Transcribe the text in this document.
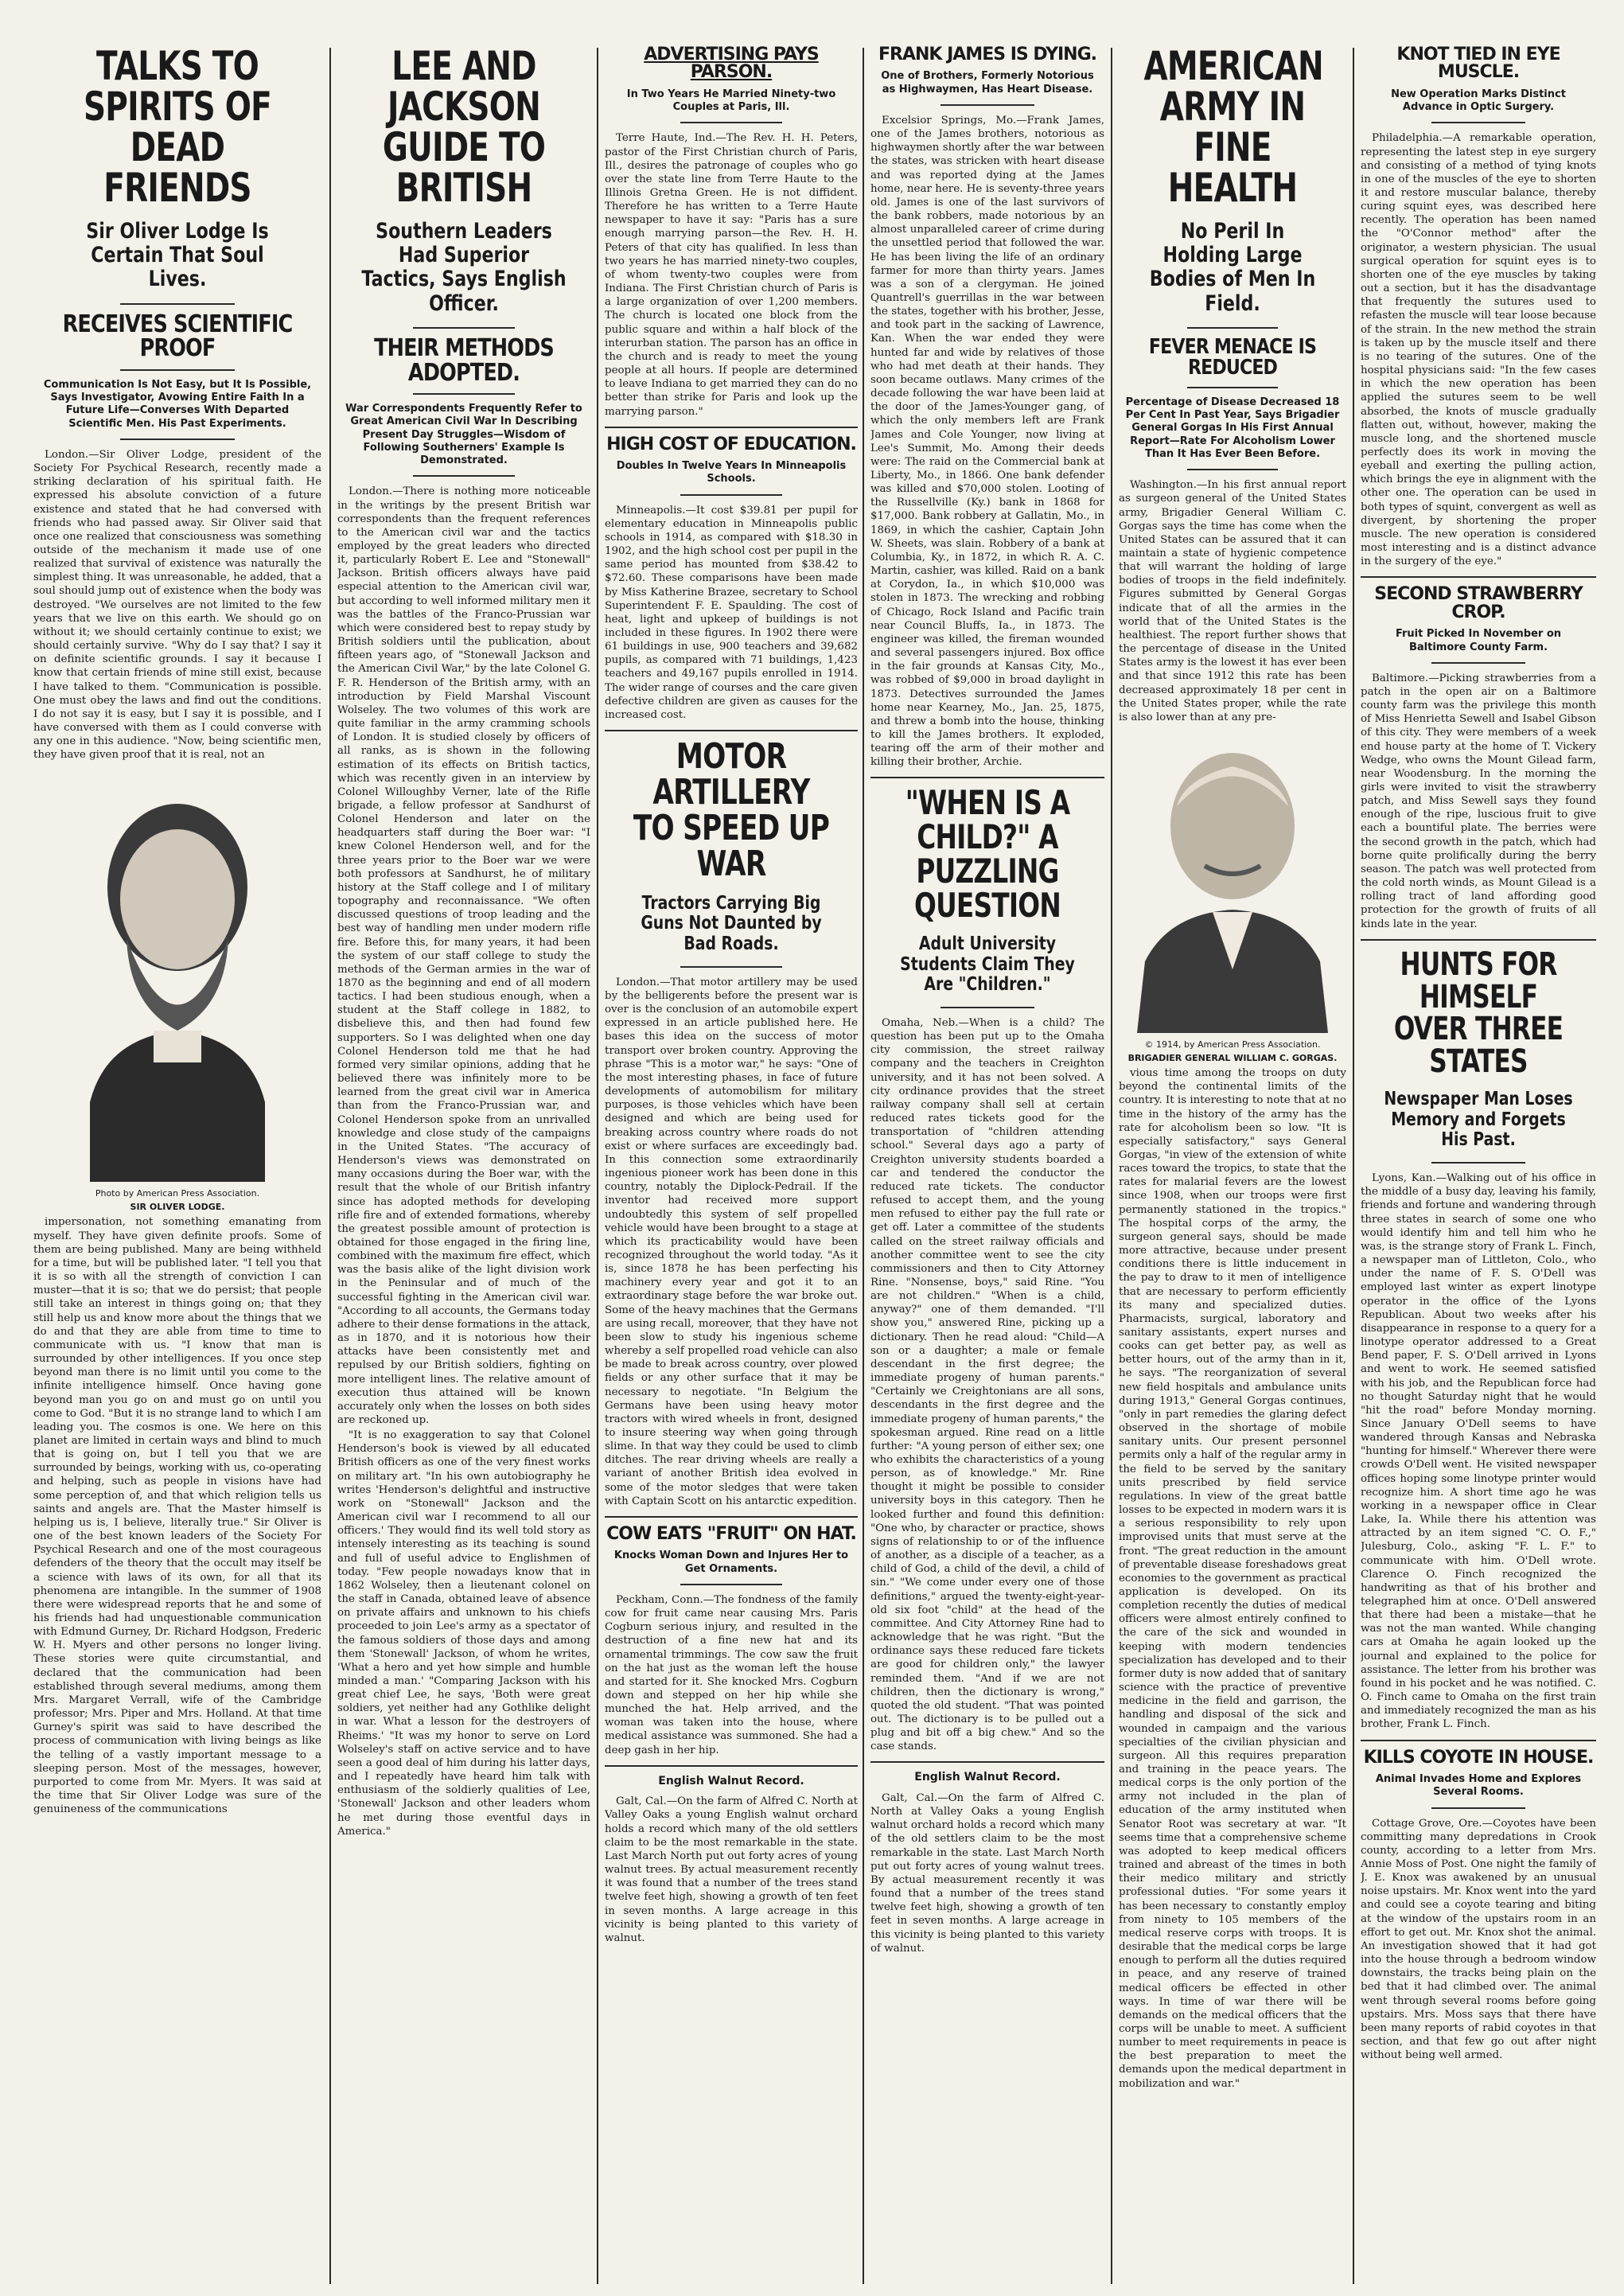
TALKS TO SPIRITS OF DEAD FRIENDS
Sir Oliver Lodge Is Certain That Soul Lives.
RECEIVES SCIENTIFIC PROOF
Communication Is Not Easy, but It Is Possible, Says Investigator, Avowing Entire Faith In a Future Life—Converses With Departed Scientific Men. His Past Experiments.

London.—Sir Oliver Lodge, president of the Society For Psychical Research, recently made a striking declaration of his spiritual faith. He expressed his absolute conviction of a future existence and stated that he had conversed with friends who had passed away. Sir Oliver said that once one realized that consciousness was something outside of the mechanism it made use of one realized that survival of existence was naturally the simplest thing. It was unreasonable, he added, that a soul should jump out of existence when the body was destroyed. "We ourselves are not limited to the few years that we live on this earth. We should go on without it; we should certainly continue to exist; we should certainly survive. "Why do I say that? I say it on definite scientific grounds. I say it because I know that certain friends of mine still exist, because I have talked to them. "Communication is possible. One must obey the laws and find out the conditions. I do not say it is easy, but I say it is possible, and I have conversed with them as I could converse with any one in this audience. "Now, being scientific men, they have given proof that it is real, not an

Photo by American Press Association.
SIR OLIVER LODGE.

impersonation, not something emanating from myself. They have given definite proofs. Some of them are being published. Many are being withheld for a time, but will be published later. "I tell you that it is so with all the strength of conviction I can muster—that it is so; that we do persist; that people still take an interest in things going on; that they still help us and know more about the things that we do and that they are able from time to time to communicate with us. "I know that man is surrounded by other intelligences. If you once step beyond man there is no limit until you come to the infinite intelligence himself. Once having gone beyond man you go on and must go on until you come to God. "But it is no strange land to which I am leading you. The cosmos is one. We here on this planet are limited in certain ways and blind to much that is going on, but I tell you that we are surrounded by beings, working with us, co-operating and helping, such as people in visions have had some perception of, and that which religion tells us saints and angels are. That the Master himself is helping us is, I believe, literally true." Sir Oliver is one of the best known leaders of the Society For Psychical Research and one of the most courageous defenders of the theory that the occult may itself be a science with laws of its own, for all that its phenomena are intangible. In the summer of 1908 there were widespread reports that he and some of his friends had had unquestionable communication with Edmund Gurney, Dr. Richard Hodgson, Frederic W. H. Myers and other persons no longer living. These stories were quite circumstantial, and declared that the communication had been established through several mediums, among them Mrs. Margaret Verrall, wife of the Cambridge professor; Mrs. Piper and Mrs. Holland. At that time Gurney's spirit was said to have described the process of communication with living beings as like the telling of a vastly important message to a sleeping person. Most of the messages, however, purported to come from Mr. Myers. It was said at the time that Sir Oliver Lodge was sure of the genuineness of the communications

LEE AND JACKSON GUIDE TO BRITISH
Southern Leaders Had Superior Tactics, Says English Officer.
THEIR METHODS ADOPTED.
War Correspondents Frequently Refer to Great American Civil War In Describing Present Day Struggles—Wisdom of Following Southerners' Example Is Demonstrated.

London.—There is nothing more noticeable in the writings by the present British war correspondents than the frequent references to the American civil war and the tactics employed by the great leaders who directed it, particularly Robert E. Lee and "Stonewall" Jackson. British officers always have paid especial attention to the American civil war, but according to well informed military men it was the battles of the Franco-Prussian war which were considered best to repay study by British soldiers until the publication, about fifteen years ago, of "Stonewall Jackson and the American Civil War," by the late Colonel G. F. R. Henderson of the British army, with an introduction by Field Marshal Viscount Wolseley. The two volumes of this work are quite familiar in the army cramming schools of London. It is studied closely by officers of all ranks, as is shown in the following estimation of its effects on British tactics, which was recently given in an interview by Colonel Willoughby Verner, late of the Rifle brigade, a fellow professor at Sandhurst of Colonel Henderson and later on the headquarters staff during the Boer war: "I knew Colonel Henderson well, and for the three years prior to the Boer war we were both professors at Sandhurst, he of military history at the Staff college and I of military topography and reconnaissance. "We often discussed questions of troop leading and the best way of handling men under modern rifle fire. Before this, for many years, it had been the system of our staff college to study the methods of the German armies in the war of 1870 as the beginning and end of all modern tactics. I had been studious enough, when a student at the Staff college in 1882, to disbelieve this, and then had found few supporters. So I was delighted when one day Colonel Henderson told me that he had formed very similar opinions, adding that he believed there was infinitely more to be learned from the great civil war in America than from the Franco-Prussian war, and Colonel Henderson spoke from an unrivalled knowledge and close study of the campaigns in the United States. "The accuracy of Henderson's views was demonstrated on many occasions during the Boer war, with the result that the whole of our British infantry since has adopted methods for developing rifle fire and of extended formations, whereby the greatest possible amount of protection is obtained for those engaged in the firing line, combined with the maximum fire effect, which was the basis alike of the light division work in the Peninsular and of much of the successful fighting in the American civil war. "According to all accounts, the Germans today adhere to their dense formations in the attack, as in 1870, and it is notorious how their attacks have been consistently met and repulsed by our British soldiers, fighting on more intelligent lines. The relative amount of execution thus attained will be known accurately only when the losses on both sides are reckoned up.

"It is no exaggeration to say that Colonel Henderson's book is viewed by all educated British officers as one of the very finest works on military art. "In his own autobiography he writes 'Henderson's delightful and instructive work on "Stonewall" Jackson and the American civil war I recommend to all our officers.' They would find its well told story as intensely interesting as its teaching is sound and full of useful advice to Englishmen of today. "Few people nowadays know that in 1862 Wolseley, then a lieutenant colonel on the staff in Canada, obtained leave of absence on private affairs and unknown to his chiefs proceeded to join Lee's army as a spectator of the famous soldiers of those days and among them 'Stonewall' Jackson, of whom he writes, 'What a hero and yet how simple and humble minded a man.' "Comparing Jackson with his great chief Lee, he says, 'Both were great soldiers, yet neither had any Gothlike delight in war. What a lesson for the destroyers of Rheims.' "It was my honor to serve on Lord Wolseley's staff on active service and to have seen a good deal of him during his latter days, and I repeatedly have heard him talk with enthusiasm of the soldierly qualities of Lee, 'Stonewall' Jackson and other leaders whom he met during those eventful days in America."

ADVERTISING PAYS PARSON.
In Two Years He Married Ninety-two Couples at Paris, Ill.

Terre Haute, Ind.—The Rev. H. H. Peters, pastor of the First Christian church of Paris, Ill., desires the patronage of couples who go over the state line from Terre Haute to the Illinois Gretna Green. He is not diffident. Therefore he has written to a Terre Haute newspaper to have it say: "Paris has a sure enough marrying parson—the Rev. H. H. Peters of that city has qualified. In less than two years he has married ninety-two couples, of whom twenty-two couples were from Indiana. The First Christian church of Paris is a large organization of over 1,200 members. The church is located one block from the public square and within a half block of the interurban station. The parson has an office in the church and is ready to meet the young people at all hours. If people are determined to leave Indiana to get married they can do no better than strike for Paris and look up the marrying parson."

HIGH COST OF EDUCATION.
Doubles In Twelve Years In Minneapolis Schools.

Minneapolis.—It cost $39.81 per pupil for elementary education in Minneapolis public schools in 1914, as compared with $18.30 in 1902, and the high school cost per pupil in the same period has mounted from $38.42 to $72.60. These comparisons have been made by Miss Katherine Brazee, secretary to School Superintendent F. E. Spaulding. The cost of heat, light and upkeep of buildings is not included in these figures. In 1902 there were 61 buildings in use, 900 teachers and 39,682 pupils, as compared with 71 buildings, 1,423 teachers and 49,167 pupils enrolled in 1914. The wider range of courses and the care given defective children are given as causes for the increased cost.

MOTOR ARTILLERY TO SPEED UP WAR
Tractors Carrying Big Guns Not Daunted by Bad Roads.

London.—That motor artillery may be used by the belligerents before the present war is over is the conclusion of an automobile expert expressed in an article published here. He bases this idea on the success of motor transport over broken country. Approving the phrase "This is a motor war," he says: "One of the most interesting phases, in face of future developments of automobilism for military purposes, is those vehicles which have been designed and which are being used for breaking across country where roads do not exist or where surfaces are exceedingly bad. In this connection some extraordinarily ingenious pioneer work has been done in this country, notably the Diplock-Pedrail. If the inventor had received more support undoubtedly this system of self propelled vehicle would have been brought to a stage at which its practicability would have been recognized throughout the world today. "As it is, since 1878 he has been perfecting his machinery every year and got it to an extraordinary stage before the war broke out. Some of the heavy machines that the Germans are using recall, moreover, that they have not been slow to study his ingenious scheme whereby a self propelled road vehicle can also be made to break across country, over plowed fields or any other surface that it may be necessary to negotiate. "In Belgium the Germans have been using heavy motor tractors with wired wheels in front, designed to insure steering way when going through slime. In that way they could be used to climb ditches. The rear driving wheels are really a variant of another British idea evolved in some of the motor sledges that were taken with Captain Scott on his antarctic expedition.

COW EATS "FRUIT" ON HAT.
Knocks Woman Down and Injures Her to Get Ornaments.

Peckham, Conn.—The fondness of the family cow for fruit came near causing Mrs. Paris Cogburn serious injury, and resulted in the destruction of a fine new hat and its ornamental trimmings. The cow saw the fruit on the hat just as the woman left the house and started for it. She knocked Mrs. Cogburn down and stepped on her hip while she munched the hat. Help arrived, and the woman was taken into the house, where medical assistance was summoned. She had a deep gash in her hip.

English Walnut Record.

Galt, Cal.—On the farm of Alfred C. North at Valley Oaks a young English walnut orchard holds a record which many of the old settlers claim to be the most remarkable in the state. Last March North put out forty acres of young walnut trees. By actual measurement recently it was found that a number of the trees stand twelve feet high, showing a growth of ten feet in seven months. A large acreage in this vicinity is being planted to this variety of walnut.

FRANK JAMES IS DYING.
One of Brothers, Formerly Notorious as Highwaymen, Has Heart Disease.

Excelsior Springs, Mo.—Frank James, one of the James brothers, notorious as highwaymen shortly after the war between the states, was stricken with heart disease and was reported dying at the James home, near here. He is seventy-three years old. James is one of the last survivors of the bank robbers, made notorious by an almost unparalleled career of crime during the unsettled period that followed the war. He has been living the life of an ordinary farmer for more than thirty years. James was a son of a clergyman. He joined Quantrell's guerrillas in the war between the states, together with his brother, Jesse, and took part in the sacking of Lawrence, Kan. When the war ended they were hunted far and wide by relatives of those who had met death at their hands. They soon became outlaws. Many crimes of the decade following the war have been laid at the door of the James-Younger gang, of which the only members left are Frank James and Cole Younger, now living at Lee's Summit, Mo. Among their deeds were: The raid on the Commercial bank at Liberty, Mo., in 1866. One bank defender was killed and $70,000 stolen. Looting of the Russellville (Ky.) bank in 1868 for $17,000. Bank robbery at Gallatin, Mo., in 1869, in which the cashier, Captain John W. Sheets, was slain. Robbery of a bank at Columbia, Ky., in 1872, in which R. A. C. Martin, cashier, was killed. Raid on a bank at Corydon, Ia., in which $10,000 was stolen in 1873. The wrecking and robbing of Chicago, Rock Island and Pacific train near Council Bluffs, Ia., in 1873. The engineer was killed, the fireman wounded and several passengers injured. Box office in the fair grounds at Kansas City, Mo., was robbed of $9,000 in broad daylight in 1873. Detectives surrounded the James home near Kearney, Mo., Jan. 25, 1875, and threw a bomb into the house, thinking to kill the James brothers. It exploded, tearing off the arm of their mother and killing their brother, Archie.

"WHEN IS A CHILD?" A PUZZLING QUESTION
Adult University Students Claim They Are "Children."

Omaha, Neb.—When is a child? The question has been put up to the Omaha city commission, the street railway company and the teachers in Creighton university, and it has not been solved. A city ordinance provides that the street railway company shall sell at certain reduced rates tickets good for the transportation of "children attending school." Several days ago a party of Creighton university students boarded a car and tendered the conductor the reduced rate tickets. The conductor refused to accept them, and the young men refused to either pay the full rate or get off. Later a committee of the students called on the street railway officials and another committee went to see the city commissioners and then to City Attorney Rine. "Nonsense, boys," said Rine. "You are not children." "When is a child, anyway?" one of them demanded. "I'll show you," answered Rine, picking up a dictionary. Then he read aloud: "Child—A son or a daughter; a male or female descendant in the first degree; the immediate progeny of human parents." "Certainly we Creightonians are all sons, descendants in the first degree and the immediate progeny of human parents," the spokesman argued. Rine read on a little further: "A young person of either sex; one who exhibits the characteristics of a young person, as of knowledge." Mr. Rine thought it might be possible to consider university boys in this category. Then he looked further and found this definition: "One who, by character or practice, shows signs of relationship to or of the influence of another, as a disciple of a teacher, as a child of God, a child of the devil, a child of sin." "We come under every one of those definitions," argued the twenty-eight-year-old six foot "child" at the head of the committee. And City Attorney Rine had to acknowledge that he was right. "But the ordinance says these reduced fare tickets are good for children only," the lawyer reminded them. "And if we are not children, then the dictionary is wrong," quoted the old student. "That was pointed out. The dictionary is to be pulled out a plug and bit off a big chew." And so the case stands.

English Walnut Record.

Galt, Cal.—On the farm of Alfred C. North at Valley Oaks a young English walnut orchard holds a record which many of the old settlers claim to be the most remarkable in the state. Last March North put out forty acres of young walnut trees. By actual measurement recently it was found that a number of the trees stand twelve feet high, showing a growth of ten feet in seven months. A large acreage in this vicinity is being planted to this variety of walnut.

AMERICAN ARMY IN FINE HEALTH
No Peril In Holding Large Bodies of Men In Field.
FEVER MENACE IS REDUCED
Percentage of Disease Decreased 18 Per Cent In Past Year, Says Brigadier General Gorgas In His First Annual Report—Rate For Alcoholism Lower Than It Has Ever Been Before.

Washington.—In his first annual report as surgeon general of the United States army, Brigadier General William C. Gorgas says the time has come when the United States can be assured that it can maintain a state of hygienic competence that will warrant the holding of large bodies of troops in the field indefinitely. Figures submitted by General Gorgas indicate that of all the armies in the world that of the United States is the healthiest. The report further shows that the percentage of disease in the United States army is the lowest it has ever been and that since 1912 this rate has been decreased approximately 18 per cent in the United States proper, while the rate is also lower than at any pre-

© 1914, by American Press Association.
BRIGADIER GENERAL WILLIAM C. GORGAS.

vious time among the troops on duty beyond the continental limits of the country. It is interesting to note that at no time in the history of the army has the rate for alcoholism been so low. "It is especially satisfactory," says General Gorgas, "in view of the extension of white races toward the tropics, to state that the rates for malarial fevers are the lowest since 1908, when our troops were first permanently stationed in the tropics." The hospital corps of the army, the surgeon general says, should be made more attractive, because under present conditions there is little inducement in the pay to draw to it men of intelligence that are necessary to perform efficiently its many and specialized duties. Pharmacists, surgical, laboratory and sanitary assistants, expert nurses and cooks can get better pay, as well as better hours, out of the army than in it, he says. "The reorganization of several new field hospitals and ambulance units during 1913," General Gorgas continues, "only in part remedies the glaring defect observed in the shortage of mobile sanitary units. Our present personnel permits only a half of the regular army in the field to be served by the sanitary units prescribed by field service regulations. In view of the great battle losses to be expected in modern wars it is a serious responsibility to rely upon improvised units that must serve at the front. "The great reduction in the amount of preventable disease foreshadows great economies to the government as practical application is developed. On its completion recently the duties of medical officers were almost entirely confined to the care of the sick and wounded in keeping with modern tendencies specialization has developed and to their former duty is now added that of sanitary science with the practice of preventive medicine in the field and garrison, the handling and disposal of the sick and wounded in campaign and the various specialties of the civilian physician and surgeon. All this requires preparation and training in the peace years. The medical corps is the only portion of the army not included in the plan of education of the army instituted when Senator Root was secretary at war. "It seems time that a comprehensive scheme was adopted to keep medical officers trained and abreast of the times in both their medico military and strictly professional duties. "For some years it has been necessary to constantly employ from ninety to 105 members of the medical reserve corps with troops. It is desirable that the medical corps be large enough to perform all the duties required in peace, and any reserve of trained medical officers be effected in other ways. In time of war there will be demands on the medical officers that the corps will be unable to meet. A sufficient number to meet requirements in peace is the best preparation to meet the demands upon the medical department in mobilization and war."

KNOT TIED IN EYE MUSCLE.
New Operation Marks Distinct Advance in Optic Surgery.

Philadelphia.—A remarkable operation, representing the latest step in eye surgery and consisting of a method of tying knots in one of the muscles of the eye to shorten it and restore muscular balance, thereby curing squint eyes, was described here recently. The operation has been named the "O'Connor method" after the originator, a western physician. The usual surgical operation for squint eyes is to shorten one of the eye muscles by taking out a section, but it has the disadvantage that frequently the sutures used to refasten the muscle will tear loose because of the strain. In the new method the strain is taken up by the muscle itself and there is no tearing of the sutures. One of the hospital physicians said: "In the few cases in which the new operation has been applied the sutures seem to be well absorbed, the knots of muscle gradually flatten out, without, however, making the muscle long, and the shortened muscle perfectly does its work in moving the eyeball and exerting the pulling action, which brings the eye in alignment with the other one. The operation can be used in both types of squint, convergent as well as divergent, by shortening the proper muscle. The new operation is considered most interesting and is a distinct advance in the surgery of the eye."

SECOND STRAWBERRY CROP.
Fruit Picked In November on Baltimore County Farm.

Baltimore.—Picking strawberries from a patch in the open air on a Baltimore county farm was the privilege this month of Miss Henrietta Sewell and Isabel Gibson of this city. They were members of a week end house party at the home of T. Vickery Wedge, who owns the Mount Gilead farm, near Woodensburg. In the morning the girls were invited to visit the strawberry patch, and Miss Sewell says they found enough of the ripe, luscious fruit to give each a bountiful plate. The berries were the second growth in the patch, which had borne quite prolifically during the berry season. The patch was well protected from the cold north winds, as Mount Gilead is a rolling tract of land affording good protection for the growth of fruits of all kinds late in the year.

HUNTS FOR HIMSELF OVER THREE STATES
Newspaper Man Loses Memory and Forgets His Past.

Lyons, Kan.—Walking out of his office in the middle of a busy day, leaving his family, friends and fortune and wandering through three states in search of some one who would identify him and tell him who he was, is the strange story of Frank L. Finch, a newspaper man of Littleton, Colo., who under the name of F. S. O'Dell was employed last winter as expert linotype operator in the office of the Lyons Republican. About two weeks after his disappearance in response to a query for a linotype operator addressed to a Great Bend paper, F. S. O'Dell arrived in Lyons and went to work. He seemed satisfied with his job, and the Republican force had no thought Saturday night that he would "hit the road" before Monday morning. Since January O'Dell seems to have wandered through Kansas and Nebraska "hunting for himself." Wherever there were crowds O'Dell went. He visited newspaper offices hoping some linotype printer would recognize him. A short time ago he was working in a newspaper office in Clear Lake, Ia. While there his attention was attracted by an item signed "C. O. F.," Julesburg, Colo., asking "F. L. F." to communicate with him. O'Dell wrote. Clarence O. Finch recognized the handwriting as that of his brother and telegraphed him at once. O'Dell answered that there had been a mistake—that he was not the man wanted. While changing cars at Omaha he again looked up the journal and explained to the police for assistance. The letter from his brother was found in his pocket and he was notified. C. O. Finch came to Omaha on the first train and immediately recognized the man as his brother, Frank L. Finch.

KILLS COYOTE IN HOUSE.
Animal Invades Home and Explores Several Rooms.

Cottage Grove, Ore.—Coyotes have been committing many depredations in Crook county, according to a letter from Mrs. Annie Moss of Post. One night the family of J. E. Knox was awakened by an unusual noise upstairs. Mr. Knox went into the yard and could see a coyote tearing and biting at the window of the upstairs room in an effort to get out. Mr. Knox shot the animal. An investigation showed that it had got into the house through a bedroom window downstairs, the tracks being plain on the bed that it had climbed over. The animal went through several rooms before going upstairs. Mrs. Moss says that there have been many reports of rabid coyotes in that section, and that few go out after night without being well armed.
